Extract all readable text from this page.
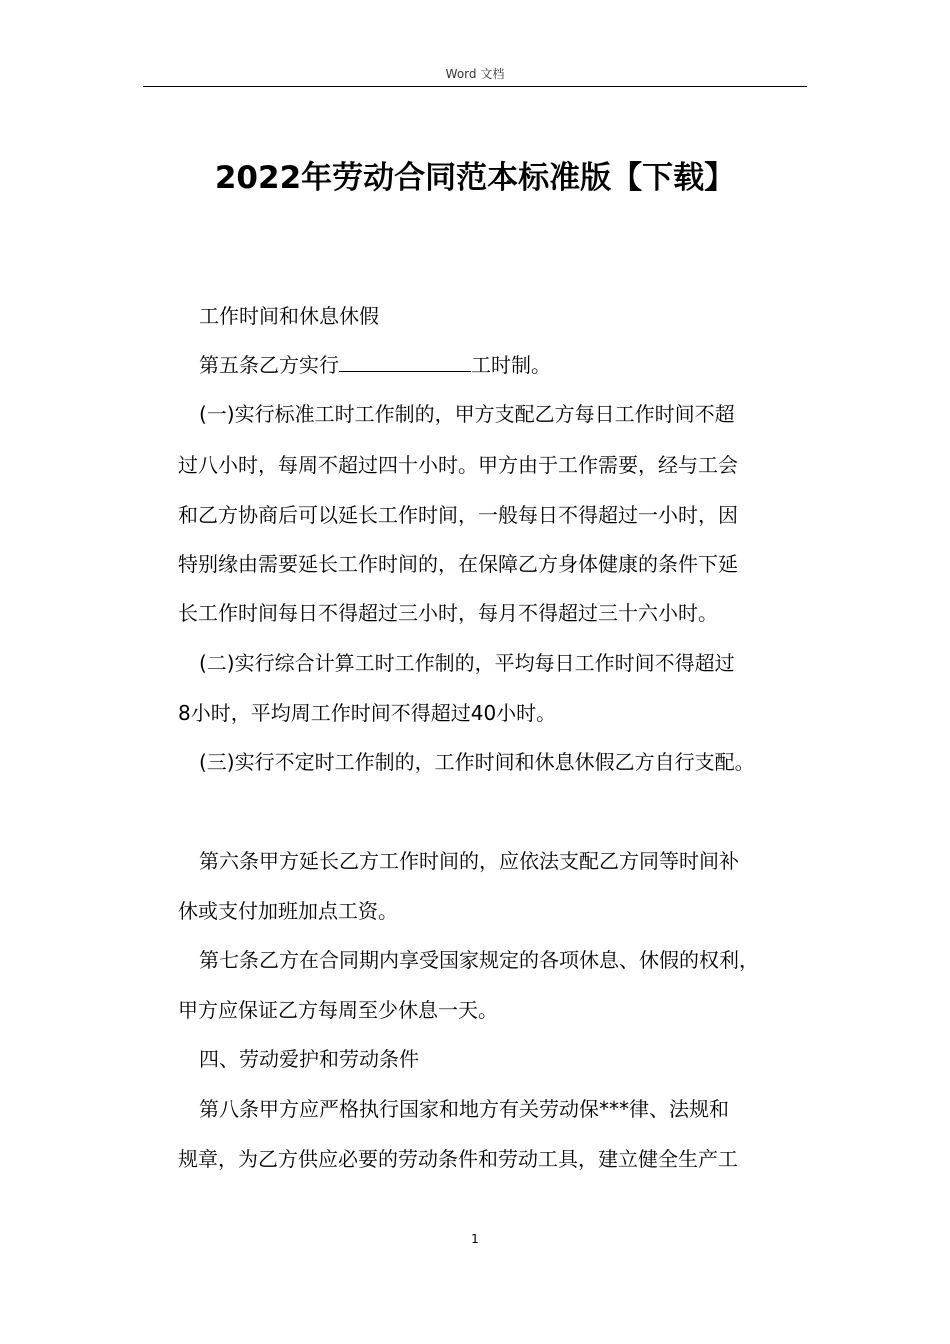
Word 文档
2022年劳动合同范本标准版【下载】

工作时间和休息休假

第五条乙方实行	工时制。

(一)实行标准工时工作制的，甲方支配乙方每日工作时间不超

过八小时，每周不超过四十小时。甲方由于工作需要，经与工会

和乙方协商后可以延长工作时间，一般每日不得超过一小时，因

特别缘由需要延长工作时间的，在保障乙方身体健康的条件下延

长工作时间每日不得超过三小时，每月不得超过三十六小时。

(二)实行综合计算工时工作制的，平均每日工作时间不得超过

8小时，平均周工作时间不得超过40小时。

(三)实行不定时工作制的，工作时间和休息休假乙方自行支配。

第六条甲方延长乙方工作时间的，应依法支配乙方同等时间补

休或支付加班加点工资。

第七条乙方在合同期内享受国家规定的各项休息、休假的权利，

甲方应保证乙方每周至少休息一天。

四、劳动爱护和劳动条件

第八条甲方应严格执行国家和地方有关劳动保***律、法规和

规章，为乙方供应必要的劳动条件和劳动工具，建立健全生产工

1
